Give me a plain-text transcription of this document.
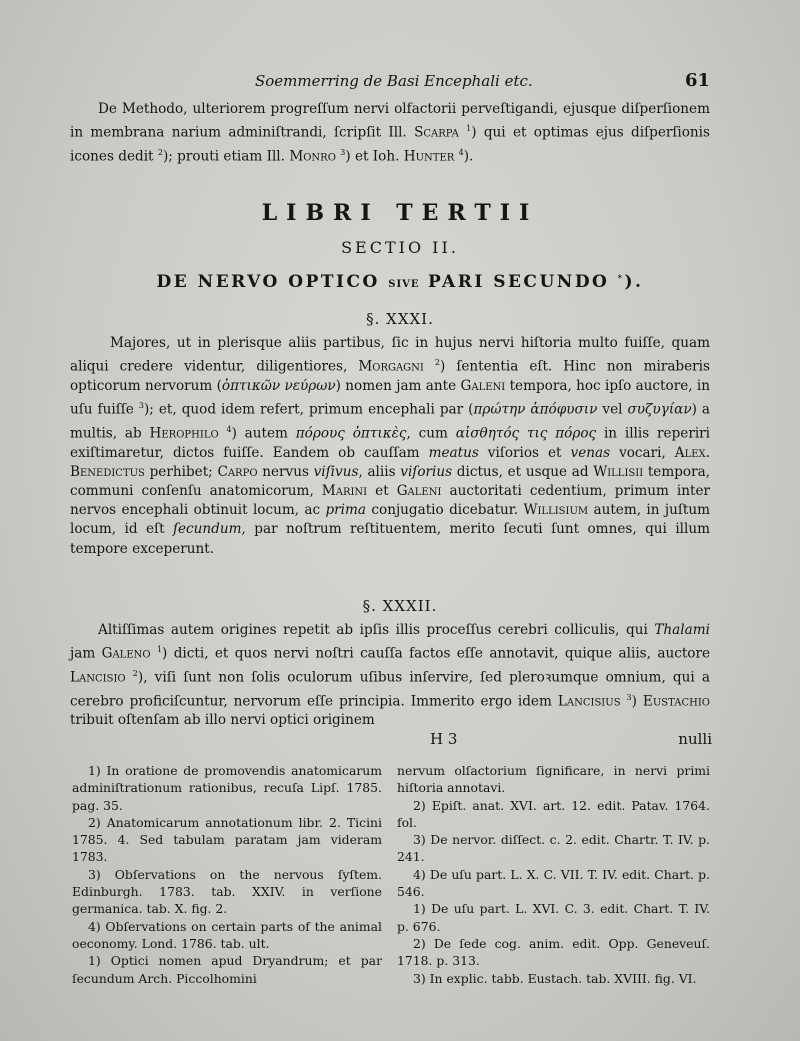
Soemmerring de Basi Encephali etc.	61
De Methodo, ulteriorem progreſſum nervi olfactorii perveſtigandi, ejusque diſperſionem in membrana narium adminiſtrandi, ſcripſit Ill. Scarpa $^1$) qui et optimas ejus diſperſionis icones dedit $^2$); prouti etiam Ill. Monro $^3$) et Ioh. Hunter $^4$).
LIBRI TERTII
SECTIO II.
DE NERVO OPTICO SIVE PARI SECUNDO *).
§. XXXI.
Majores, ut in plerisque aliis partibus, ſic in hujus nervi hiſtoria multo fuiſſe, quam aliqui credere videntur, diligentiores, Morgagni $^2$) ſententia eſt. Hinc non miraberis opticorum nervorum (ὀπτικῶν νεύρων) nomen jam ante Galeni tempora, hoc ipſo auctore, in uſu fuiſſe $^3$); et, quod idem refert, primum encephali par (πρώτην ἀπόφυσιν vel συζυγίαν) a multis, ab Herophilo $^4$) autem πόρους ὀπτικὲς, cum αἰσθητός τις πόρος in illis reperiri exiſtimaretur, dictos fuiſſe. Eandem ob cauſſam meatus viſorios et venas vocari, Alex. Benedictus perhibet; Carpo nervus viſivus, aliis viſorius dictus, et usque ad Willisii tempora, communi conſenſu anatomicorum, Marini et Galeni auctoritati cedentium, primum inter nervos encephali obtinuit locum, ac prima conjugatio dicebatur. Willisium autem, in juſtum locum, id eſt ſecundum, par noſtrum reſtituentem, merito ſecuti ſunt omnes, qui illum tempore exceperunt.
§. XXXII.
Altiſſimas autem origines repetit ab ipſis illis proceſſus cerebri colliculis, qui Thalami jam Galeno $^1$) dicti, et quos nervi noſtri cauſſa factos eſſe annotavit, quique aliis, auctore Lancisio $^2$), viſi ſunt non ſolis oculorum uſibus inſervire, ſed pleroꝛumque omnium, qui a cerebro proficiſcuntur, nervorum eſſe principia. Immerito ergo idem Lancisius $^3$) Eustachio tribuit oſtenſam ab illo nervi optici originem
H 3	nulli

1) In oratione de promovendis anatomicarum adminiſtrationum rationibus, recuſa Lipſ. 1785. pag. 35.

2) Anatomicarum annotationum libr. 2. Ticini 1785. 4. Sed tabulam paratam jam videram 1783.

3) Obſervations on the nervous ſyſtem. Edinburgh. 1783. tab. XXIV. in verſione germanica. tab. X. fig. 2.

4) Obſervations on certain parts of the animal oeconomy. Lond. 1786. tab. ult.

1) Optici nomen apud Dryandrum; et par ſecundum Arch. Piccolhomini

nervum olſactorium ſignificare, in nervi primi hiſtoria annotavi.

2) Epiſt. anat. XVI. art. 12. edit. Patav. 1764. fol.

3) De nervor. diſſect. c. 2. edit. Chartr. T. IV. p. 241.

4) De uſu part. L. X. C. VII. T. IV. edit. Chart. p. 546.

1) De uſu part. L. XVI. C. 3. edit. Chart. T. IV. p. 676.

2) De ſede cog. anim. edit. Opp. Geneveuſ. 1718. p. 313.

3) In explic. tabb. Eustach. tab. XVIII. fig. VI.
